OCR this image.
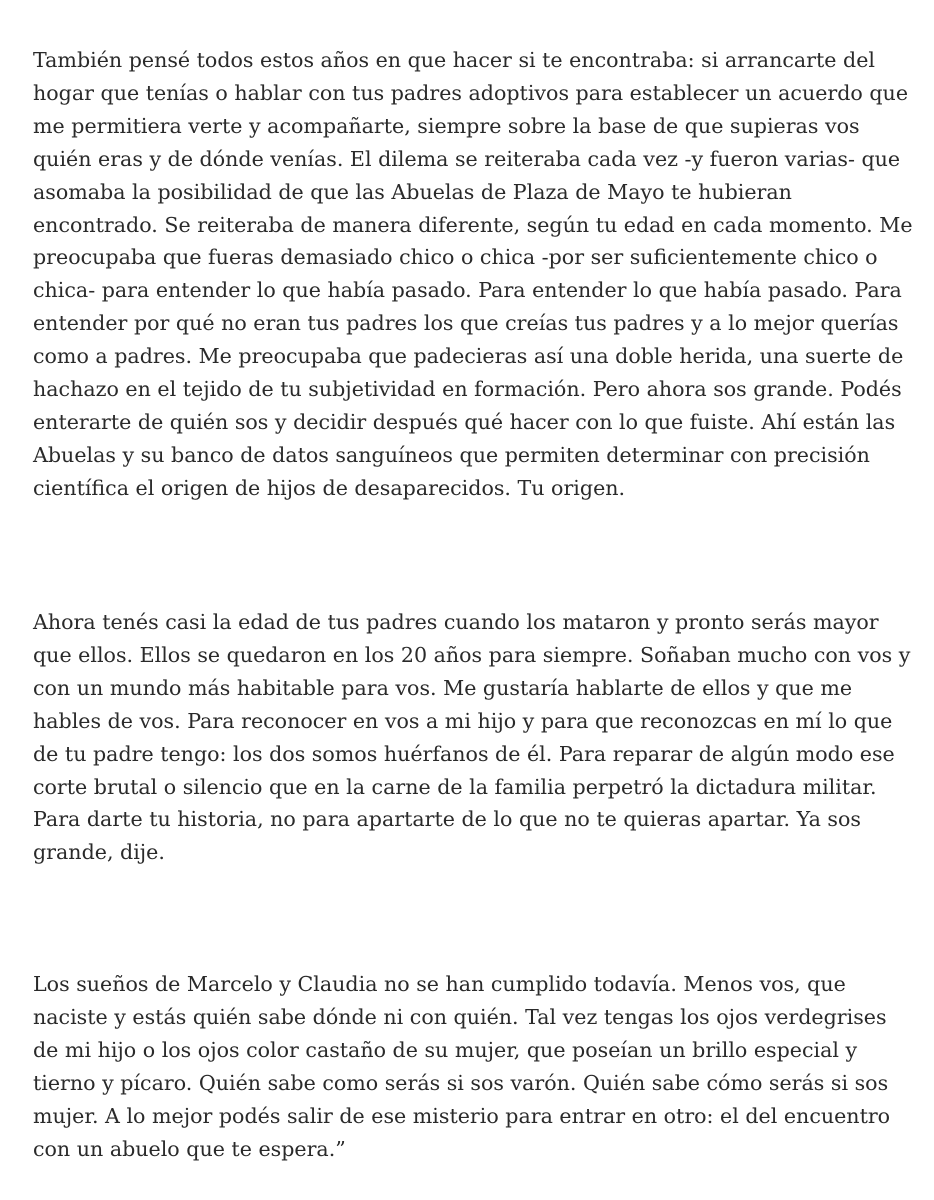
También pensé todos estos años en que hacer si te encontraba: si arrancarte del hogar que tenías o hablar con tus padres adoptivos para establecer un acuerdo que me permitiera verte y acompañarte, siempre sobre la base de que supieras vos quién eras y de dónde venías. El dilema se reiteraba cada vez -y fueron varias- que asomaba la posibilidad de que las Abuelas de Plaza de Mayo te hubieran encontrado. Se reiteraba de manera diferente, según tu edad en cada momento. Me preocupaba que fueras demasiado chico o chica -por ser suficientemente chico o chica- para entender lo que había pasado. Para entender lo que había pasado. Para entender por qué no eran tus padres los que creías tus padres y a lo mejor querías como a padres. Me preocupaba que padecieras así una doble herida, una suerte de hachazo en el tejido de tu subjetividad en formación. Pero ahora sos grande. Podés enterarte de quién sos y decidir después qué hacer con lo que fuiste. Ahí están las Abuelas y su banco de datos sanguíneos que permiten determinar con precisión científica el origen de hijos de desaparecidos. Tu origen.

Ahora tenés casi la edad de tus padres cuando los mataron y pronto serás mayor que ellos. Ellos se quedaron en los 20 años para siempre. Soñaban mucho con vos y con un mundo más habitable para vos. Me gustaría hablarte de ellos y que me hables de vos. Para reconocer en vos a mi hijo y para que reconozcas en mí lo que de tu padre tengo: los dos somos huérfanos de él. Para reparar de algún modo ese corte brutal o silencio que en la carne de la familia perpetró la dictadura militar. Para darte tu historia, no para apartarte de lo que no te quieras apartar. Ya sos grande, dije.

Los sueños de Marcelo y Claudia no se han cumplido todavía. Menos vos, que naciste y estás quién sabe dónde ni con quién. Tal vez tengas los ojos verdegrises de mi hijo o los ojos color castaño de su mujer, que poseían un brillo especial y tierno y pícaro. Quién sabe como serás si sos varón. Quién sabe cómo serás si sos mujer. A lo mejor podés salir de ese misterio para entrar en otro: el del encuentro con un abuelo que te espera.”
